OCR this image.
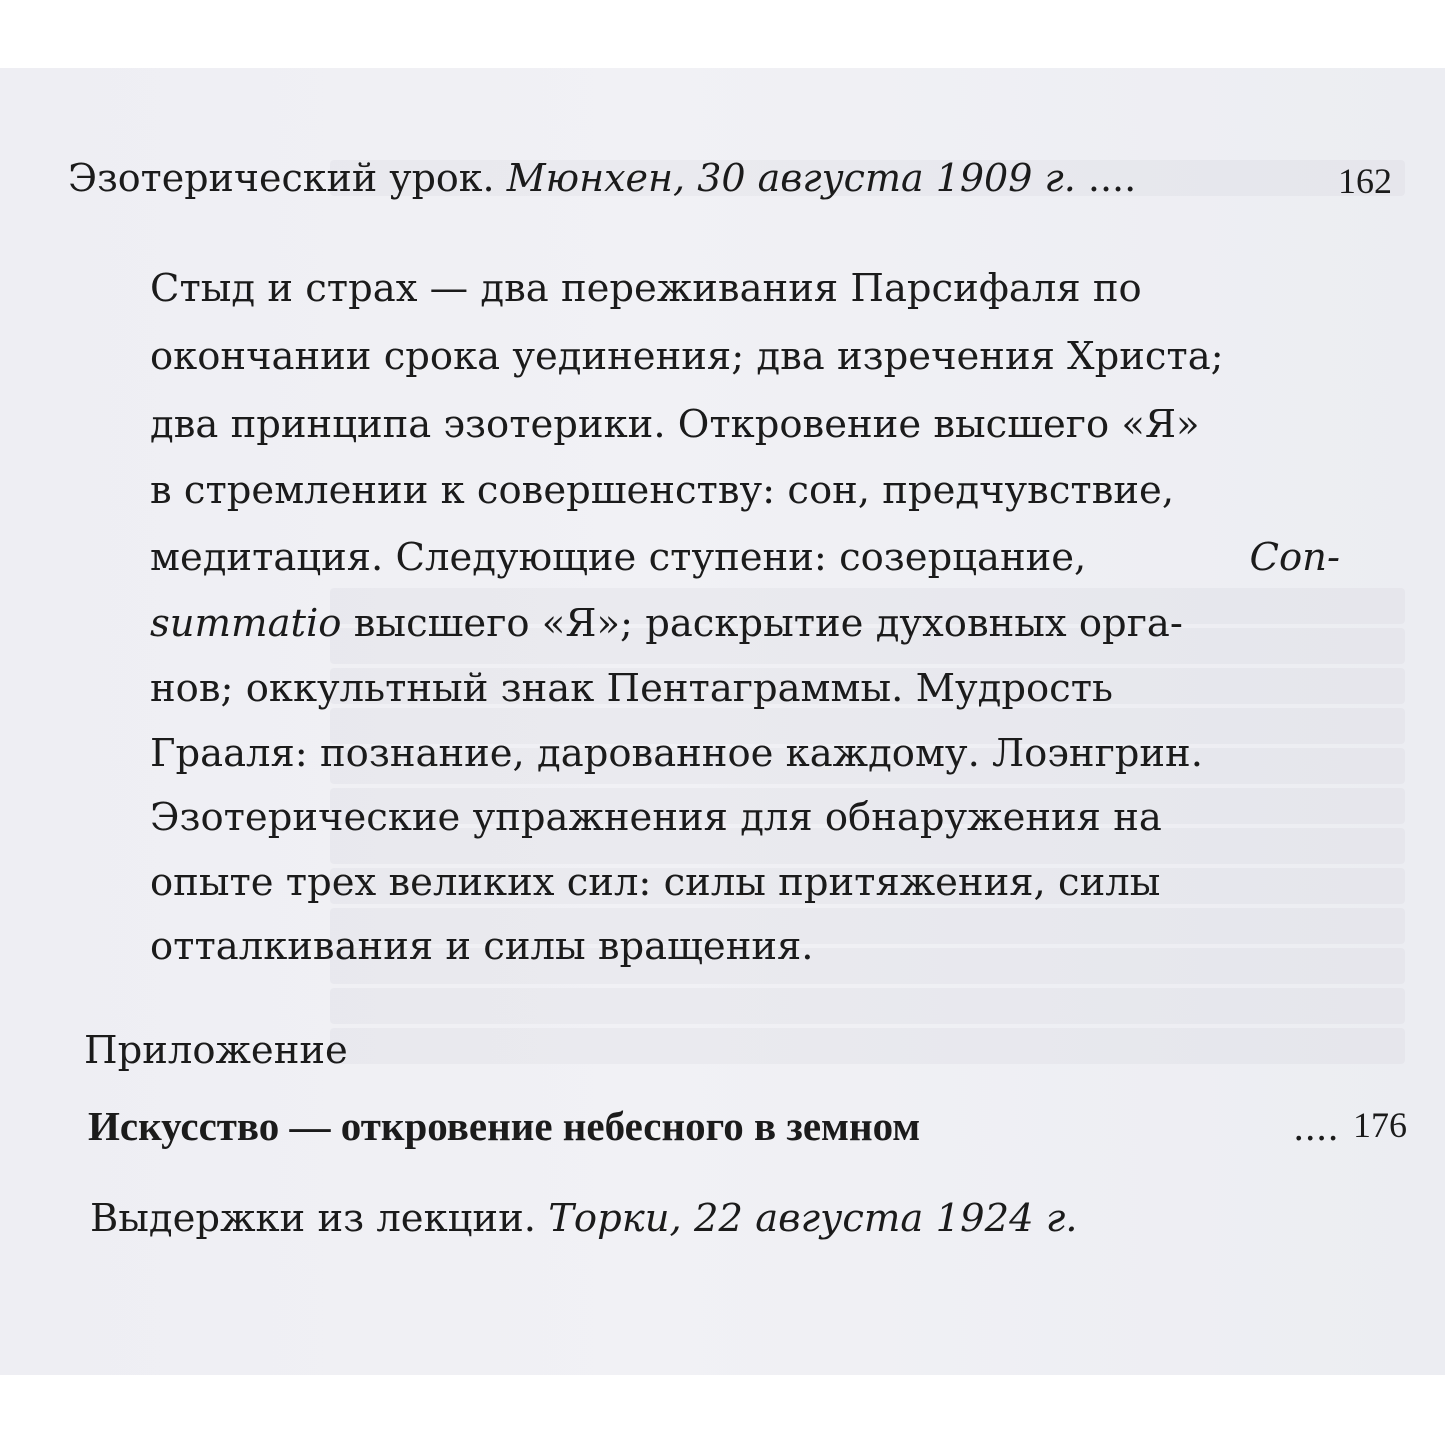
Эзотерический урок. Мюнхен, 30 августа 1909 г. ....	162
Стыд и страх — два переживания Парсифаля по
окончании срока уединения; два изречения Христа;
два принципа эзотерики. Откровение высшего «Я»
в стремлении к совершенству: сон, предчувствие,
медитация. Следующие ступени: созерцание,	Con-
summatio высшего «Я»; раскрытие духовных орга-
нов; оккультный знак Пентаграммы. Мудрость
Грааля: познание, дарованное каждому. Лоэнгрин.
Эзотерические упражнения для обнаружения на
опыте трех великих сил: силы притяжения, силы
отталкивания и силы вращения.
Приложение
Искусство — откровение небесного в земном	.... 176
Выдержки из лекции. Торки, 22 августа 1924 г.
